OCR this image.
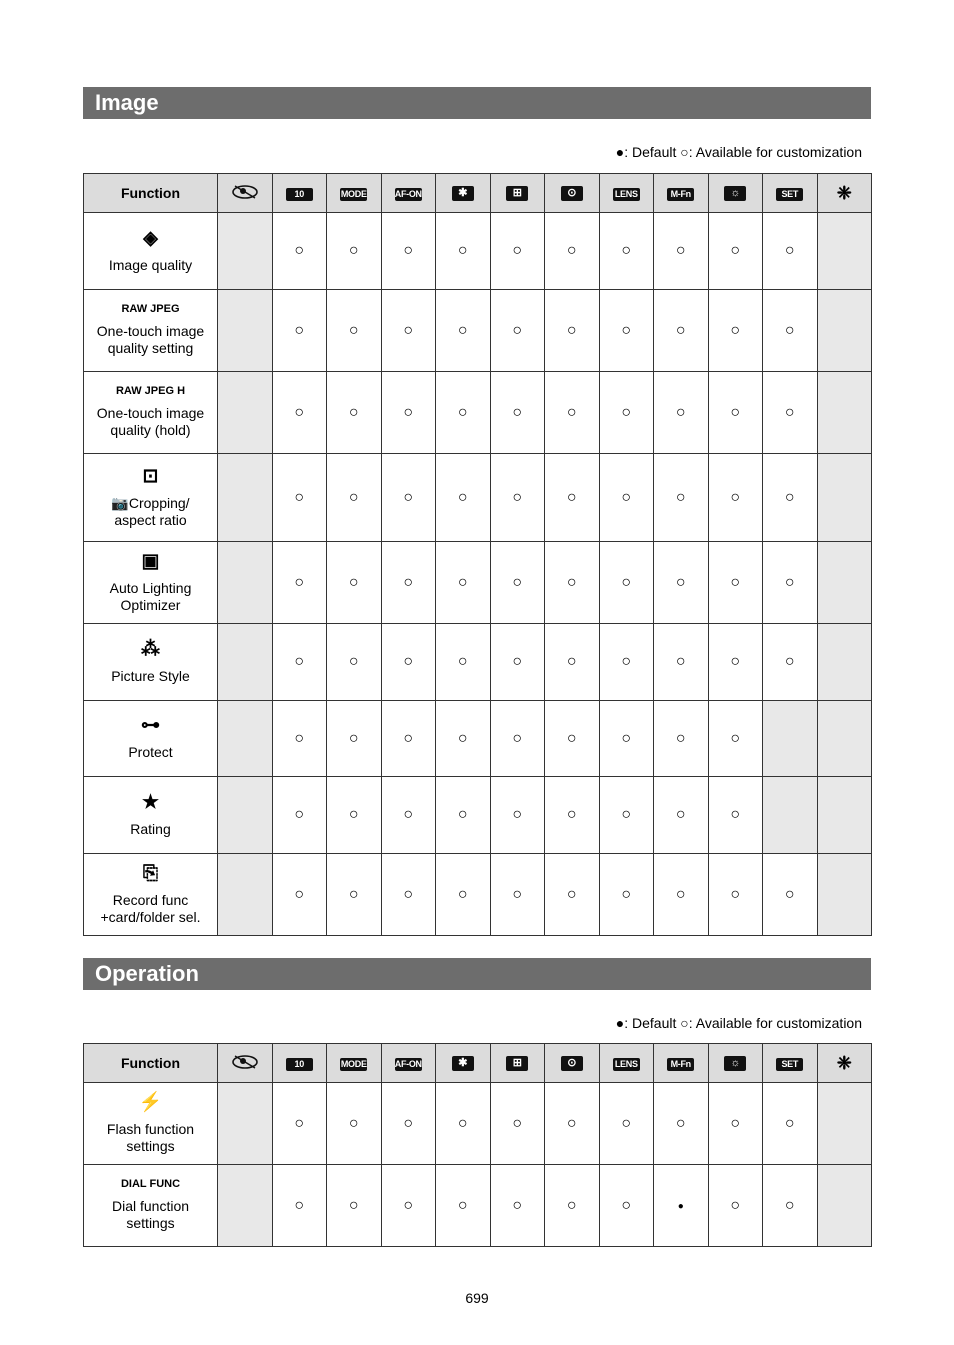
Image
●: Default ○: Available for customization
Function		10	MODE	AF-ON	✱	⊞	⊙	LENS	M-Fn	☼	SET	❈

◈
Image quality		○	○	○	○	○	○	○	○	○	○	

RAW JPEG
One-touch image
quality setting		○	○	○	○	○	○	○	○	○	○	

RAW JPEG H
One-touch image
quality (hold)		○	○	○	○	○	○	○	○	○	○	

⊡
📷Cropping/
aspect ratio		○	○	○	○	○	○	○	○	○	○	

▣
Auto Lighting
Optimizer		○	○	○	○	○	○	○	○	○	○	

⁂
Picture Style		○	○	○	○	○	○	○	○	○	○	

⊶
Protect		○	○	○	○	○	○	○	○	○		

★
Rating		○	○	○	○	○	○	○	○	○		

⎘
Record func
+card/folder sel.		○	○	○	○	○	○	○	○	○	○	
Operation
●: Default ○: Available for customization
Function		10	MODE	AF-ON	✱	⊞	⊙	LENS	M-Fn	☼	SET	❈

⚡
Flash function
settings		○	○	○	○	○	○	○	○	○	○	

DIAL FUNC
Dial function
settings		○	○	○	○	○	○	○	●	○	○	
699
